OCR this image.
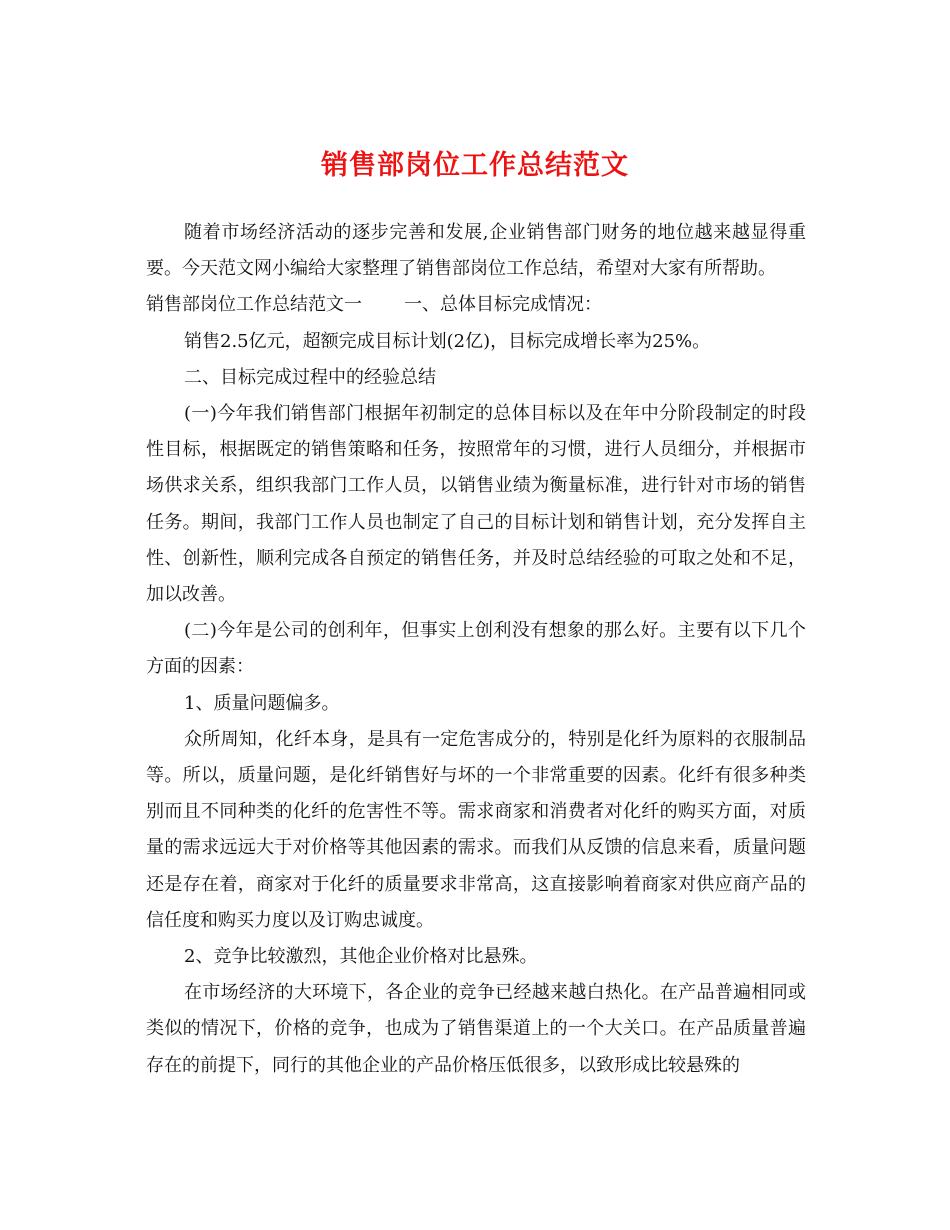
销售部岗位工作总结范文

随着市场经济活动的逐步完善和发展,企业销售部门财务的地位越来越显得重要。今天范文网小编给大家整理了销售部岗位工作总结，希望对大家有所帮助。

销售部岗位工作总结范文一 一、总体目标完成情况：

销售2.5亿元，超额完成目标计划(2亿)，目标完成增长率为25%。

二、目标完成过程中的经验总结

(一)今年我们销售部门根据年初制定的总体目标以及在年中分阶段制定的时段性目标，根据既定的销售策略和任务，按照常年的习惯，进行人员细分，并根据市场供求关系，组织我部门工作人员，以销售业绩为衡量标准，进行针对市场的销售任务。期间，我部门工作人员也制定了自己的目标计划和销售计划，充分发挥自主性、创新性，顺利完成各自预定的销售任务，并及时总结经验的可取之处和不足，加以改善。

(二)今年是公司的创利年，但事实上创利没有想象的那么好。主要有以下几个方面的因素：

1、质量问题偏多。

众所周知，化纤本身，是具有一定危害成分的，特别是化纤为原料的衣服制品等。所以，质量问题，是化纤销售好与坏的一个非常重要的因素。化纤有很多种类别而且不同种类的化纤的危害性不等。需求商家和消费者对化纤的购买方面，对质量的需求远远大于对价格等其他因素的需求。而我们从反馈的信息来看，质量问题还是存在着，商家对于化纤的质量要求非常高，这直接影响着商家对供应商产品的信任度和购买力度以及订购忠诚度。

2、竞争比较激烈，其他企业价格对比悬殊。

在市场经济的大环境下，各企业的竞争已经越来越白热化。在产品普遍相同或类似的情况下，价格的竞争，也成为了销售渠道上的一个大关口。在产品质量普遍存在的前提下，同行的其他企业的产品价格压低很多，以致形成比较悬殊的
